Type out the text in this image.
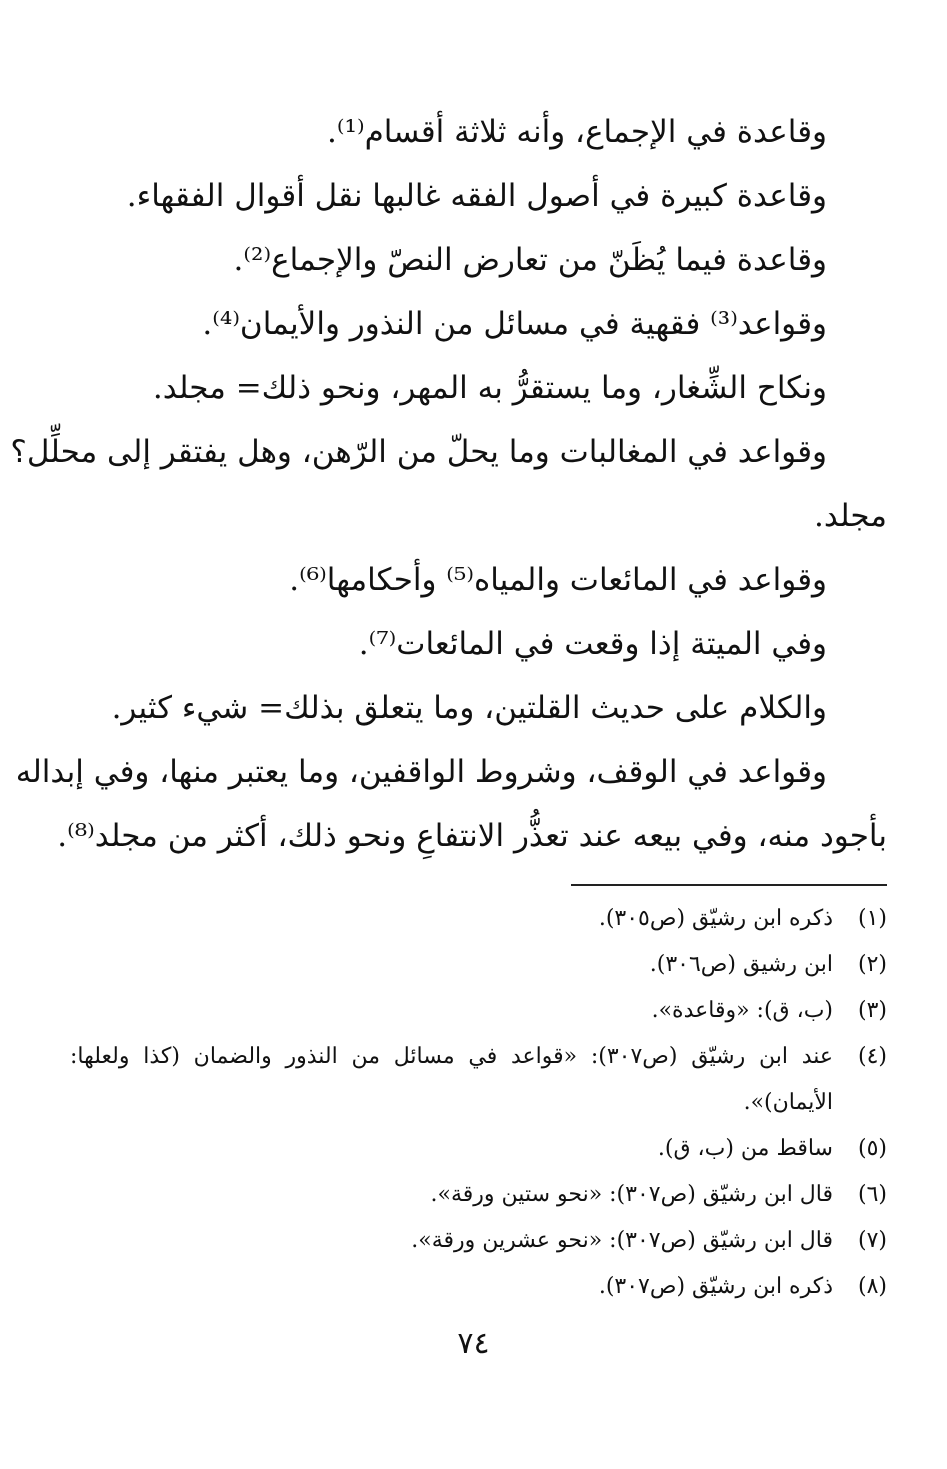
وقاعدة في الإجماع، وأنه ثلاثة أقسام⁽¹⁾.
وقاعدة كبيرة في أصول الفقه غالبها نقل أقوال الفقهاء.
وقاعدة فيما يُظَنّ من تعارض النصّ والإجماع⁽²⁾.
وقواعد⁽³⁾ فقهية في مسائل من النذور والأيمان⁽⁴⁾.
ونكاح الشِّغار، وما يستقرُّ به المهر، ونحو ذلك= مجلد.
وقواعد في المغالبات وما يحلّ من الرّهن، وهل يفتقر إلى محلِّل؟
مجلد.
وقواعد في المائعات والمياه⁽⁵⁾ وأحكامها⁽⁶⁾.
وفي الميتة إذا وقعت في المائعات⁽⁷⁾.
والكلام على حديث القلتين، وما يتعلق بذلك= شيء كثير.
وقواعد في الوقف، وشروط الواقفين، وما يعتبر منها، وفي إبداله
بأجود منه، وفي بيعه عند تعذُّر الانتفاعِ ونحو ذلك، أكثر من مجلد⁽⁸⁾.
(١)
ذكره ابن رشيّق (ص٣٠٥).
(٢)
ابن رشيق (ص٣٠٦).
(٣)
(ب، ق): «وقاعدة».
(٤)
عند ابن رشيّق (ص٣٠٧): «قواعد في مسائل من النذور والضمان (كذا ولعلها:
الأيمان)».
(٥)
ساقط من (ب، ق).
(٦)
قال ابن رشيّق (ص٣٠٧): «نحو ستين ورقة».
(٧)
قال ابن رشيّق (ص٣٠٧): «نحو عشرين ورقة».
(٨)
ذكره ابن رشيّق (ص٣٠٧).
٧٤
